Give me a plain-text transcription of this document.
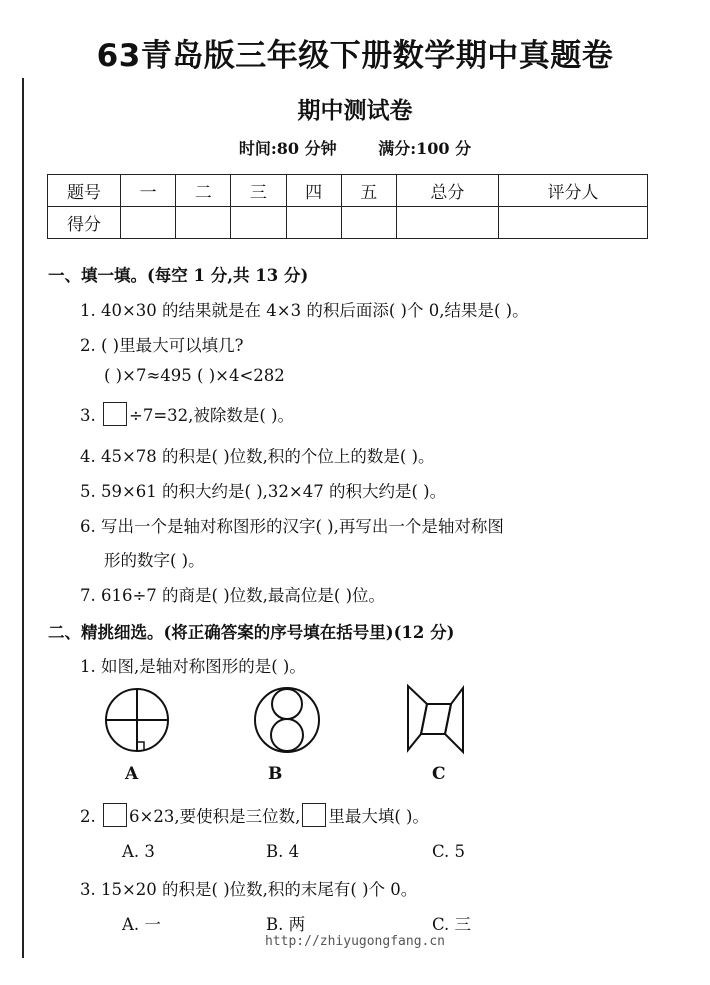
63青岛版三年级下册数学期中真题卷
期中测试卷
时间:80 分钟	满分:100 分
题号	一	二	三	四	五	总分	评分人
得分							
一、填一填。(每空 1 分,共 13 分)
1. 40×30 的结果就是在 4×3 的积后面添( )个 0,结果是( )。
2. ( )里最大可以填几?
( )×7≈495 ( )×4<282
3. ÷7=32,被除数是( )。
4. 45×78 的积是( )位数,积的个位上的数是( )。
5. 59×61 的积大约是( ),32×47 的积大约是( )。
6. 写出一个是轴对称图形的汉字( ),再写出一个是轴对称图
形的数字( )。
7. 616÷7 的商是( )位数,最高位是( )位。
二、精挑细选。(将正确答案的序号填在括号里)(12 分)
1. 如图,是轴对称图形的是( )。
A	B	C
2. 6×23,要使积是三位数, 里最大填( )。
A. 3	B. 4	C. 5
3. 15×20 的积是( )位数,积的末尾有( )个 0。
A. 一	B. 两	C. 三
http://zhiyugongfang.cn
